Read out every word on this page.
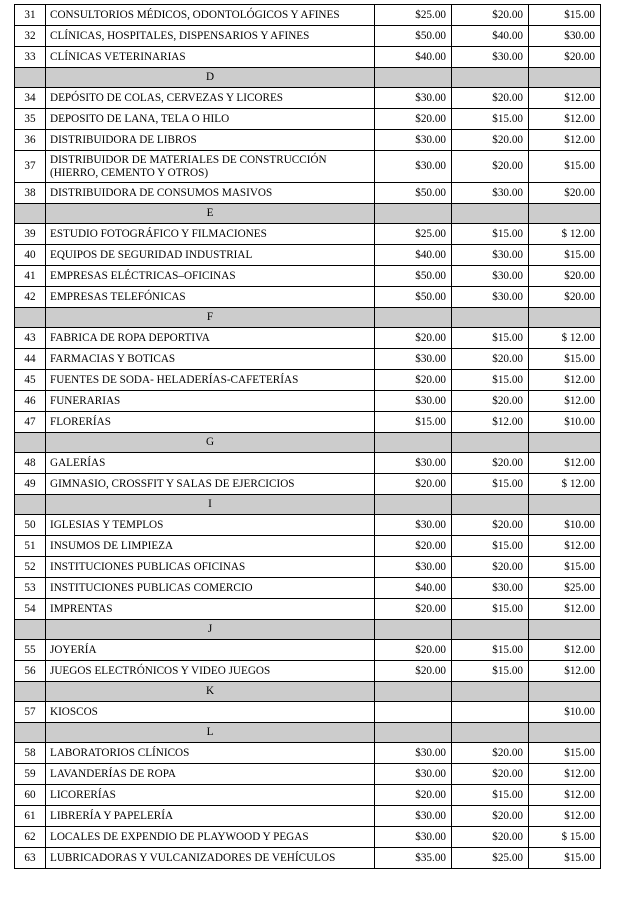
31	CONSULTORIOS MÉDICOS, ODONTOLÓGICOS Y AFINES	$25.00	$20.00	$15.00
32	CLÍNICAS, HOSPITALES, DISPENSARIOS Y AFINES	$50.00	$40.00	$30.00
33	CLÍNICAS VETERINARIAS	$40.00	$30.00	$20.00
	D			
34	DEPÓSITO DE COLAS, CERVEZAS Y LICORES	$30.00	$20.00	$12.00
35	DEPOSITO DE LANA, TELA O HILO	$20.00	$15.00	$12.00
36	DISTRIBUIDORA DE LIBROS	$30.00	$20.00	$12.00
37	DISTRIBUIDOR DE MATERIALES DE CONSTRUCCIÓN (HIERRO, CEMENTO Y OTROS)	$30.00	$20.00	$15.00
38	DISTRIBUIDORA DE CONSUMOS MASIVOS	$50.00	$30.00	$20.00
	E			
39	ESTUDIO FOTOGRÁFICO Y FILMACIONES	$25.00	$15.00	$ 12.00
40	EQUIPOS DE SEGURIDAD INDUSTRIAL	$40.00	$30.00	$15.00
41	EMPRESAS ELÉCTRICAS–OFICINAS	$50.00	$30.00	$20.00
42	EMPRESAS TELEFÓNICAS	$50.00	$30.00	$20.00
	F			
43	FABRICA DE ROPA DEPORTIVA	$20.00	$15.00	$ 12.00
44	FARMACIAS Y BOTICAS	$30.00	$20.00	$15.00
45	FUENTES DE SODA- HELADERÍAS-CAFETERÍAS	$20.00	$15.00	$12.00
46	FUNERARIAS	$30.00	$20.00	$12.00
47	FLORERÍAS	$15.00	$12.00	$10.00
	G			
48	GALERÍAS	$30.00	$20.00	$12.00
49	GIMNASIO, CROSSFIT Y SALAS DE EJERCICIOS	$20.00	$15.00	$ 12.00
	I			
50	IGLESIAS Y TEMPLOS	$30.00	$20.00	$10.00
51	INSUMOS DE LIMPIEZA	$20.00	$15.00	$12.00
52	INSTITUCIONES PUBLICAS OFICINAS	$30.00	$20.00	$15.00
53	INSTITUCIONES PUBLICAS COMERCIO	$40.00	$30.00	$25.00
54	IMPRENTAS	$20.00	$15.00	$12.00
	J			
55	JOYERÍA	$20.00	$15.00	$12.00
56	JUEGOS ELECTRÓNICOS Y VIDEO JUEGOS	$20.00	$15.00	$12.00
	K			
57	KIOSCOS			$10.00
	L			
58	LABORATORIOS CLÍNICOS	$30.00	$20.00	$15.00
59	LAVANDERÍAS DE ROPA	$30.00	$20.00	$12.00
60	LICORERÍAS	$20.00	$15.00	$12.00
61	LIBRERÍA Y PAPELERÍA	$30.00	$20.00	$12.00
62	LOCALES DE EXPENDIO DE PLAYWOOD Y PEGAS	$30.00	$20.00	$ 15.00
63	LUBRICADORAS Y VULCANIZADORES DE VEHÍCULOS	$35.00	$25.00	$15.00
